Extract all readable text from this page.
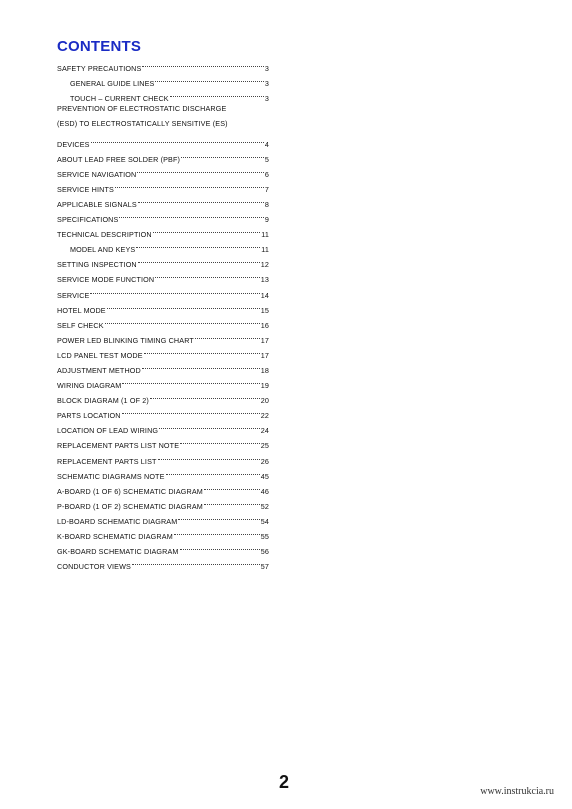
CONTENTS
SAFETY PRECAUTIONS	3
GENERAL GUIDE LINES	3
TOUCH – CURRENT CHECK	3
PREVENTION OF ELECTROSTATIC DISCHARGE
(ESD) TO ELECTROSTATICALLY SENSITIVE (ES)
DEVICES	4
ABOUT LEAD FREE SOLDER (PBF)	5
SERVICE NAVIGATION	6
SERVICE HINTS	7
APPLICABLE SIGNALS	8
SPECIFICATIONS	9
TECHNICAL DESCRIPTION	11
MODEL AND KEYS	11
SETTING INSPECTION	12
SERVICE MODE FUNCTION	13
SERVICE	14
HOTEL MODE	15
SELF CHECK	16
POWER LED BLINKING TIMING CHART	17
LCD PANEL TEST MODE	17
ADJUSTMENT METHOD	18
WIRING DIAGRAM	19
BLOCK DIAGRAM (1 OF 2)	20
PARTS LOCATION	22
LOCATION OF LEAD WIRING	24
REPLACEMENT PARTS LIST NOTE	25
REPLACEMENT PARTS LIST	26
SCHEMATIC DIAGRAMS NOTE	45
A-BOARD (1 OF 6) SCHEMATIC DIAGRAM	46
P-BOARD (1 OF 2) SCHEMATIC DIAGRAM	52
LD-BOARD SCHEMATIC DIAGRAM	54
K-BOARD SCHEMATIC DIAGRAM	55
GK-BOARD SCHEMATIC DIAGRAM	56
CONDUCTOR VIEWS	57
2	www.instrukcia.ru
